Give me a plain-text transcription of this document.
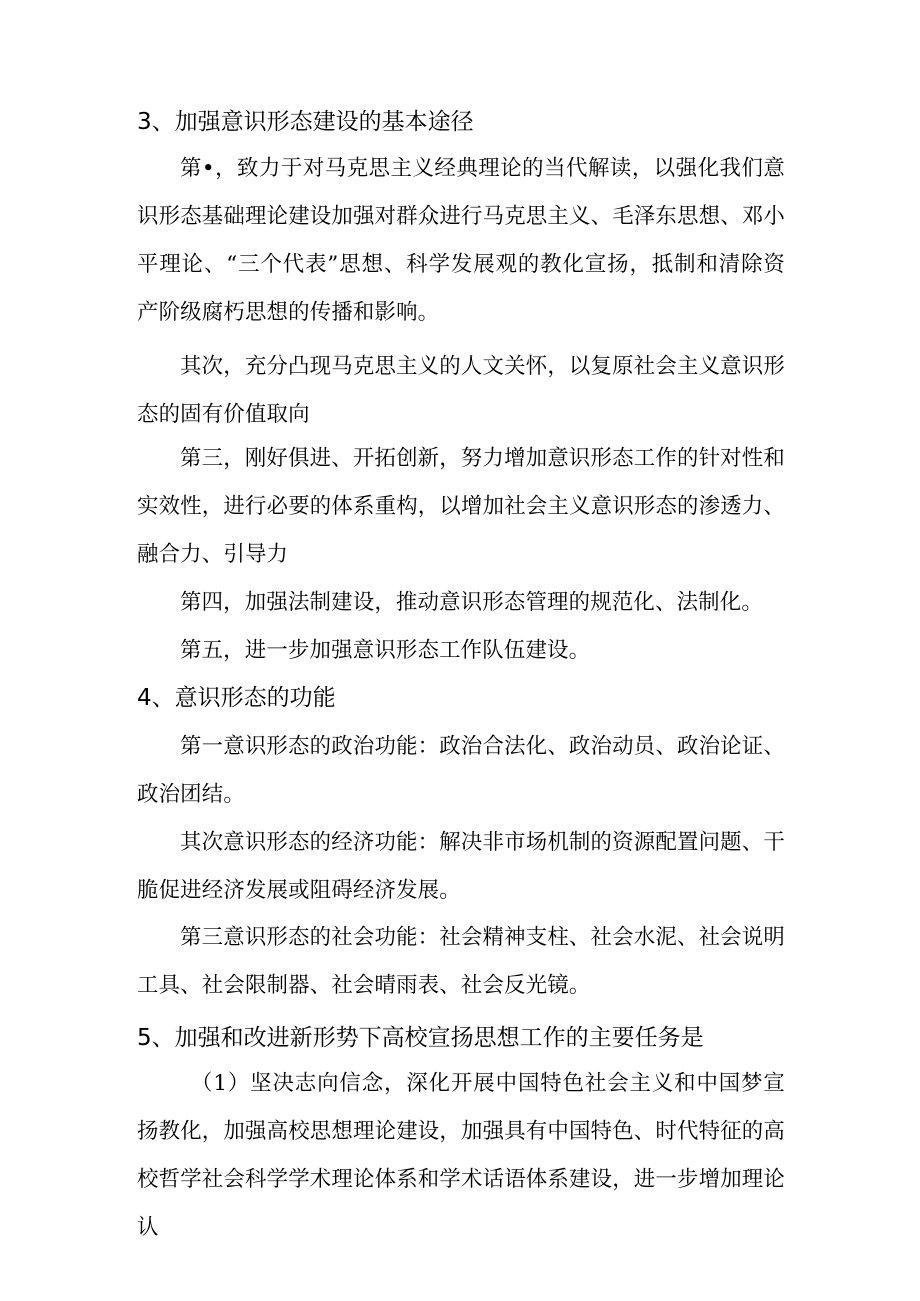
3、加强意识形态建设的基本途径

第•，致力于对马克思主义经典理论的当代解读，以强化我们意识形态基础理论建设加强对群众进行马克思主义、毛泽东思想、邓小平理论、“三个代表”思想、科学发展观的教化宣扬，抵制和清除资产阶级腐朽思想的传播和影响。

其次，充分凸现马克思主义的人文关怀，以复原社会主义意识形态的固有价值取向

第三，刚好俱进、开拓创新，努力增加意识形态工作的针对性和实效性，进行必要的体系重构，以增加社会主义意识形态的渗透力、融合力、引导力

第四，加强法制建设，推动意识形态管理的规范化、法制化。

第五，进一步加强意识形态工作队伍建设。

4、意识形态的功能

第一意识形态的政治功能：政治合法化、政治动员、政治论证、政治团结。

其次意识形态的经济功能：解决非市场机制的资源配置问题、干脆促进经济发展或阻碍经济发展。

第三意识形态的社会功能：社会精神支柱、社会水泥、社会说明工具、社会限制器、社会晴雨表、社会反光镜。

5、加强和改进新形势下高校宣扬思想工作的主要任务是

（1）坚决志向信念，深化开展中国特色社会主义和中国梦宣扬教化，加强高校思想理论建设，加强具有中国特色、时代特征的高校哲学社会科学学术理论体系和学术话语体系建设，进一步增加理论认
